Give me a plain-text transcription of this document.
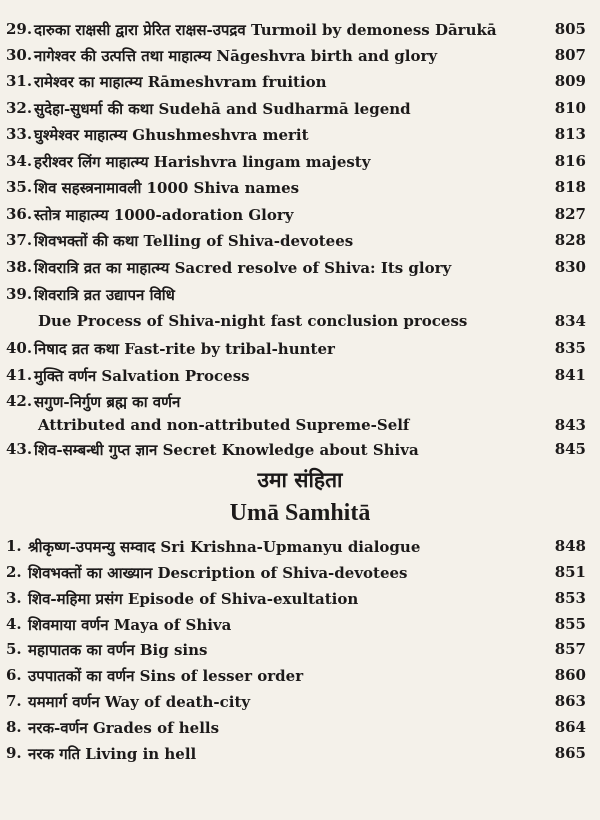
29. दारुका राक्षसी द्वारा प्रेरित राक्षस-उपद्रव Turmoil by demoness Dārukā	805
30. नागेश्वर की उत्पत्ति तथा माहात्म्य Nāgeshvra birth and glory	807
31. रामेश्वर का माहात्म्य Rāmeshvram fruition	809
32. सुदेहा-सुधर्मा की कथा Sudehā and Sudharmā legend	810
33. घुश्मेश्वर माहात्म्य Ghushmeshvra merit	813
34. हरीश्वर लिंग माहात्म्य Harishvra lingam majesty	816
35. शिव सहस्त्रनामावली 1000 Shiva names	818
36. स्तोत्र माहात्म्य 1000-adoration Glory	827
37. शिवभक्तों की कथा Telling of Shiva-devotees	828
38. शिवरात्रि व्रत का माहात्म्य Sacred resolve of Shiva: Its glory	830
39. शिवरात्रि व्रत उद्यापन विधि
Due Process of Shiva-night fast conclusion process	834
40. निषाद व्रत कथा Fast-rite by tribal-hunter	835
41. मुक्ति वर्णन Salvation Process	841
42. सगुण-निर्गुण ब्रह्म का वर्णन
Attributed and non-attributed Supreme-Self	843
43. शिव-सम्बन्धी गुप्त ज्ञान Secret Knowledge about Shiva	845
उमा संहिता
Umā Samhitā
1. श्रीकृष्ण-उपमन्यु सम्वाद Sri Krishna-Upmanyu dialogue	848
2. शिवभक्तों का आख्यान Description of Shiva-devotees	851
3. शिव-महिमा प्रसंग Episode of Shiva-exultation	853
4. शिवमाया वर्णन Maya of Shiva	855
5. महापातक का वर्णन Big sins	857
6. उपपातकों का वर्णन Sins of lesser order	860
7. यममार्ग वर्णन Way of death-city	863
8. नरक-वर्णन Grades of hells	864
9. नरक गति Living in hell	865
